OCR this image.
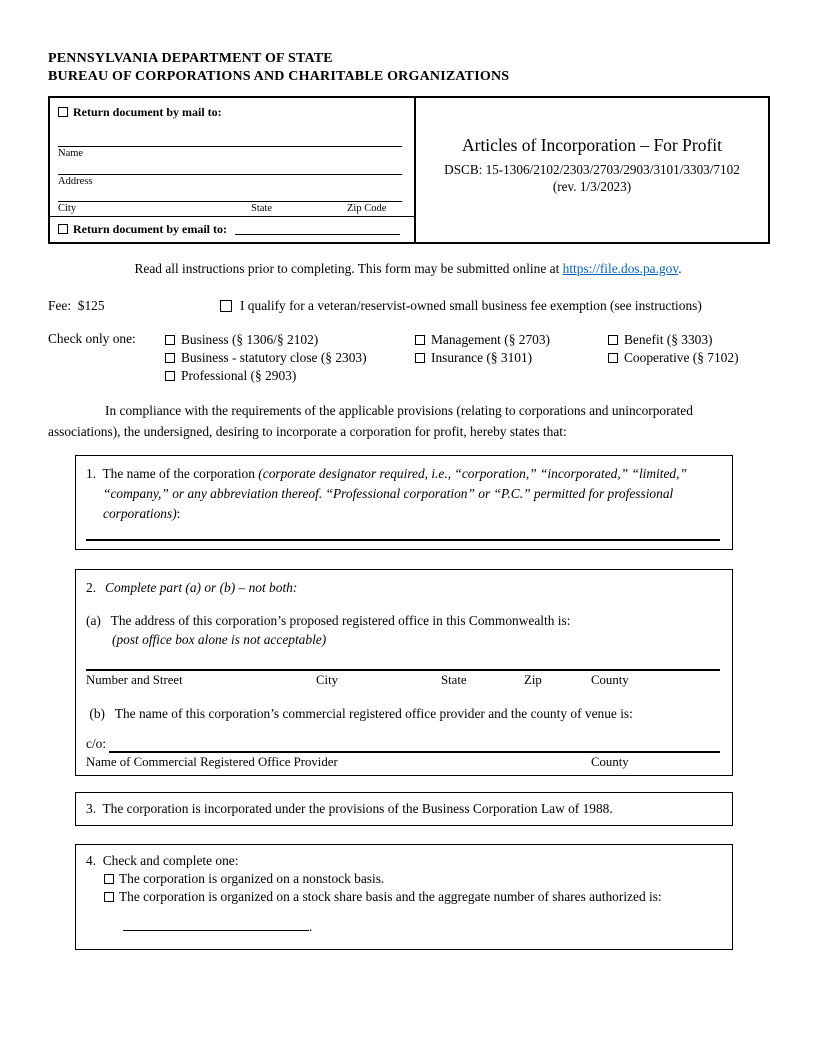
PENNSYLVANIA DEPARTMENT OF STATE
BUREAU OF CORPORATIONS AND CHARITABLE ORGANIZATIONS
Return document by mail to:
Name
Address
City	State	Zip Code
Return document by email to:
Articles of Incorporation – For Profit
DSCB: 15-1306/2102/2303/2703/2903/3101/3303/7102
(rev. 1/3/2023)
Read all instructions prior to completing. This form may be submitted online at https://file.dos.pa.gov.
Fee:  $125	I qualify for a veteran/reservist-owned small business fee exemption (see instructions)
Check only one:	Business (§ 1306/§ 2102)
Business - statutory close (§ 2303)
Professional (§ 2903)
Management (§ 2703)
Insurance (§ 3101)
Benefit (§ 3303)
Cooperative (§ 7102)
In compliance with the requirements of the applicable provisions (relating to corporations and unincorporated associations), the undersigned, desiring to incorporate a corporation for profit, hereby states that:
1.  The name of the corporation (corporate designator required, i.e., “corporation,” “incorporated,” “limited,” “company,” or any abbreviation thereof. “Professional corporation” or “P.C.” permitted for professional corporations):
2. Complete part (a) or (b) – not both:
(a)   The address of this corporation’s proposed registered office in this Commonwealth is:
(post office box alone is not acceptable)
Number and Street	City	State	Zip	County
(b)   The name of this corporation’s commercial registered office provider and the county of venue is:
c/o:
Name of Commercial Registered Office Provider	County
3.  The corporation is incorporated under the provisions of the Business Corporation Law of 1988.
4.  Check and complete one:
The corporation is organized on a nonstock basis.
The corporation is organized on a stock share basis and the aggregate number of shares authorized is:
.
